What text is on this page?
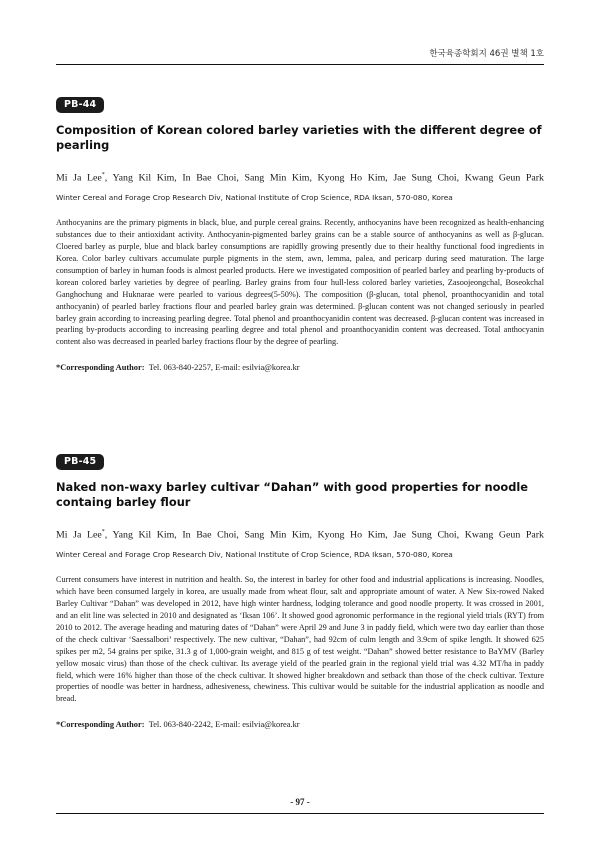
한국육종학회지 46권 별책 1호
PB-44
Composition of Korean colored barley varieties with the different degree of pearling

Mi Ja Lee*, Yang Kil Kim, In Bae Choi, Sang Min Kim, Kyong Ho Kim, Jae Sung Choi, Kwang Geun Park

Winter Cereal and Forage Crop Research Div, National Institute of Crop Science, RDA Iksan, 570-080, Korea

Anthocyanins are the primary pigments in black, blue, and purple cereal grains. Recently, anthocyanins have been recognized as health-enhancing substances due to their antioxidant activity. Anthocyanin-pigmented barley grains can be a stable source of anthocyanins as well as β-glucan. Cloered barley as purple, blue and black barley consumptions are rapidlly growing presently due to their healthy functional food ingredients in Korea. Color barley cultivars accumulate purple pigments in the stem, awn, lemma, palea, and pericarp during seed maturation. The large consumption of barley in human foods is almost pearled products. Here we investigated composition of pearled barley and pearling by-products of korean colored barley varieties by degree of pearling. Barley grains from four hull-less colored barley varieties, Zasoojeongchal, Boseokchal Ganghochung and Huknarae were pearled to various degrees(5-50%). The composition (β-glucan, total phenol, proanthocyanidin and total anthocyanin) of pearled barley fractions flour and pearled barley grain was determined. β-glucan content was not changed seriously in pearled barley grain according to increasing pearling degree. Total phenol and proanthocyanidin content was decreased. β-glucan content was increased in pearling by-products according to increasing pearling degree and total phenol and proanthocyanidin content was decreased. Total anthocyanin content also was decreased in pearled barley fractions flour by the degree of pearling.

*Corresponding Author: Tel. 063-840-2257, E-mail: esilvia@korea.kr

PB-45
Naked non-waxy barley cultivar “Dahan” with good properties for noodle containg barley flour

Mi Ja Lee*, Yang Kil Kim, In Bae Choi, Sang Min Kim, Kyong Ho Kim, Jae Sung Choi, Kwang Geun Park

Winter Cereal and Forage Crop Research Div, National Institute of Crop Science, RDA Iksan, 570-080, Korea

Current consumers have interest in nutrition and health. So, the interest in barley for other food and industrial applications is increasing. Noodles, which have been consumed largely in korea, are usually made from wheat flour, salt and appropriate amount of water. A New Six-rowed Naked Barley Cultivar “Dahan” was developed in 2012, have high winter hardness, lodging tolerance and good noodle property. It was crossed in 2001, and an elit line was selected in 2010 and designated as ‘Iksan 106’. It showed good agronomic performance in the regional yield trials (RYT) from 2010 to 2012. The average heading and maturing dates of “Dahan” were April 29 and June 3 in paddy field, which were two day earlier than those of the check cultivar ‘Saessalbori’ respectively. The new cultivar, “Dahan”, had 92cm of culm length and 3.9cm of spike length. It showed 625 spikes per m2, 54 grains per spike, 31.3 g of 1,000-grain weight, and 815 g of test weight. “Dahan” showed better resistance to BaYMV (Barley yellow mosaic virus) than those of the check cultivar. Its average yield of the pearled grain in the regional yield trial was 4.32 MT/ha in paddy field, which were 16% higher than those of the check cultivar. It showed higher breakdown and setback than those of the check cultivar. Texture properties of noodle was better in hardness, adhesiveness, chewiness. This cultivar would be suitable for the industrial application as noodle and bread.

*Corresponding Author: Tel. 063-840-2242, E-mail: esilvia@korea.kr

- 97 -
